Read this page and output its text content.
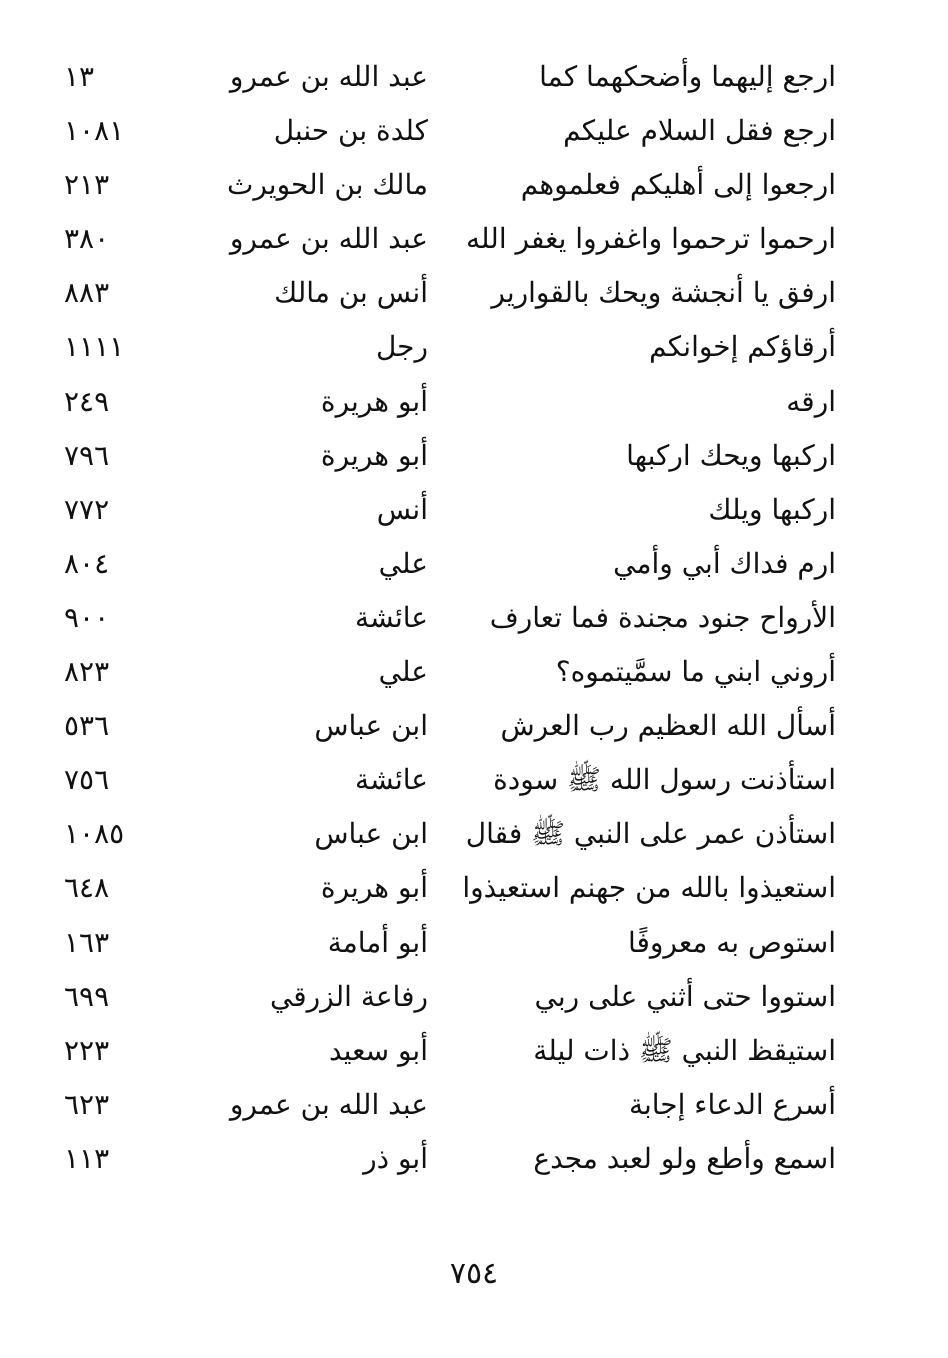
ارجع إليهما وأضحكهما كما
عبد الله بن عمرو
١٣
ارجع فقل السلام عليكم
كلدة بن حنبل
١٠٨١
ارجعوا إلى أهليكم فعلموهم
مالك بن الحويرث
٢١٣
ارحموا ترحموا واغفروا يغفر الله
عبد الله بن عمرو
٣٨٠
ارفق يا أنجشة ويحك بالقوارير
أنس بن مالك
٨٨٣
أرقاؤكم إخوانكم
رجل
١١١١
ارقه
أبو هريرة
٢٤٩
اركبها ويحك اركبها
أبو هريرة
٧٩٦
اركبها ويلك
أنس
٧٧٢
ارم فداك أبي وأمي
علي
٨٠٤
الأرواح جنود مجندة فما تعارف
عائشة
٩٠٠
أروني ابني ما سمَّيتموه؟
علي
٨٢٣
أسأل الله العظيم رب العرش
ابن عباس
٥٣٦
استأذنت رسول الله ﷺ سودة
عائشة
٧٥٦
استأذن عمر على النبي ﷺ فقال
ابن عباس
١٠٨٥
استعيذوا بالله من جهنم استعيذوا
أبو هريرة
٦٤٨
استوص به معروفًا
أبو أمامة
١٦٣
استووا حتى أثني على ربي
رفاعة الزرقي
٦٩٩
استيقظ النبي ﷺ ذات ليلة
أبو سعيد
٢٢٣
أسرع الدعاء إجابة
عبد الله بن عمرو
٦٢٣
اسمع وأطع ولو لعبد مجدع
أبو ذر
١١٣
٧٥٤
